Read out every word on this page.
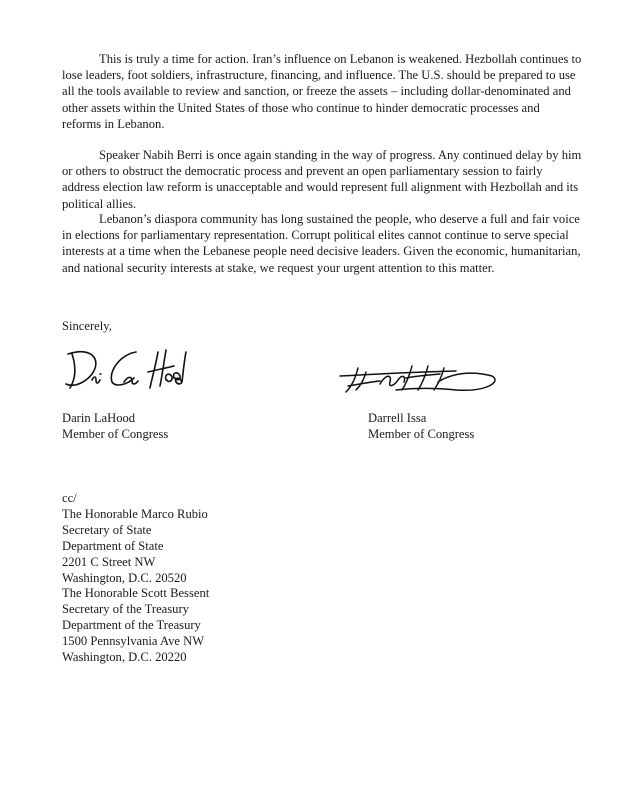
This is truly a time for action. Iran’s influence on Lebanon is weakened. Hezbollah continues to lose leaders, foot soldiers, infrastructure, financing, and influence. The U.S. should be prepared to use all the tools available to review and sanction, or freeze the assets – including dollar-denominated and other assets within the United States of those who continue to hinder democratic processes and reforms in Lebanon.

Speaker Nabih Berri is once again standing in the way of progress. Any continued delay by him or others to obstruct the democratic process and prevent an open parliamentary session to fairly address election law reform is unacceptable and would represent full alignment with Hezbollah and its political allies.

Lebanon’s diaspora community has long sustained the people, who deserve a full and fair voice in elections for parliamentary representation. Corrupt political elites cannot continue to serve special interests at a time when the Lebanese people need decisive leaders. Given the economic, humanitarian, and national security interests at stake, we request your urgent attention to this matter.

Sincerely,

Darin LaHood
Member of Congress
Darrell Issa
Member of Congress
cc/
The Honorable Marco Rubio
Secretary of State
Department of State
2201 C Street NW
Washington, D.C. 20520
The Honorable Scott Bessent
Secretary of the Treasury
Department of the Treasury
1500 Pennsylvania Ave NW
Washington, D.C. 20220
